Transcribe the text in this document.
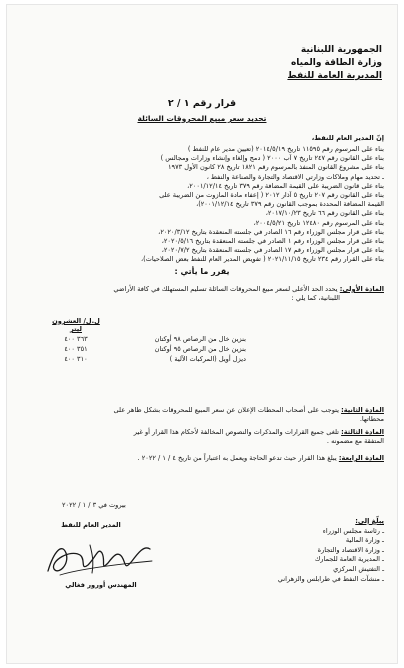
الجمهورية اللبنانية
وزارة الطاقة والمياه
المديرية العامة للنفط
قرار رقم ١ / ٢
تحديد سعر مبيع المحروقات السائلة
إنّ المدير العام للنفط،
بناء على المرسوم رقم ١١٥٩٥ تاريخ ٢٠١٤/٥/١٩ (تعيين مدير عام للنفط )
بناء على القانون رقم ٢٤٧ تاريخ ٧ آب ٢٠٠٠ ( دمج وإلغاء وإنشاء وزارات ومجالس )
بناء على مشروع القانون المنفذ بالمرسوم رقم ١٨٢١ تاريخ ٢٨ كانون الأول ١٩٧٣
ـ تحديد مهام وملاكات وزارتي الاقتصاد والتجارة والصناعة والنفط ،
بناء على قانون الضريبة على القيمة المضافة رقم ٣٧٩ تاريخ ٢٠٠١/١٢/١٤،
بناء على القانون رقم ٢٠٧ تاريخ ٥ آذار ٢٠١٢ ( إعفاء مادة المازوت من الضريبة على
القيمة المضافة المحددة بموجب القانون رقم ٣٧٩ تاريخ ٢٠٠١/١٢/١٤)،
بناء على القانون رقم ٦٦ تاريخ ٢٠١٧/١٠/٢٣،
بناء على المرسوم رقم ١٢٤٨٠ تاريخ ٢٠٠٤/٥/٢١،
بناء على قرار مجلس الوزراء رقم ١٦ الصادر في جلسته المنعقدة بتاريخ ٢٠٢٠/٣/١٢،
بناء على قرار مجلس الوزراء رقم ١ الصادر في جلسته المنعقدة بتاريخ ٢٠٢٠/٥/١٦،
بناء على قرار مجلس الوزراء رقم ١٧ الصادر في جلسته المنعقدة بتاريخ ٢٠٢٠/٧/٢،
بناء على القرار رقم ٢٣٤ تاريخ ٢٠٢١/١١/١٥ ( تفويض المدير العام للنفط بعض الصلاحيات)،
يقرر ما يأتي :
المادة الأولى: يحدد الحد الأعلى لسعر مبيع المحروقات السائلة تسليم المستهلك في كافة الأراضي
اللبنانية، كما يلي :
ل.ل/ العشرون ليتر
٣٦٣ ٤٠٠	بنزين خال من الرصاص ٩٨ أوكتان
٣٥١ ٤٠٠	بنزين خال من الرصاص ٩٥ أوكتان
٣١٠ ٤٠٠	ديزل أويل (المركبات الآلية )
المادة الثانية: يتوجب على أصحاب المحطات الإعلان عن سعر المبيع للمحروقات بشكل ظاهر على
محطاتها.
المادة الثالثة: تلغى جميع القرارات والمذكرات والنصوص المخالفة لأحكام هذا القرار أو غير
المتفقة مع مضمونه .
المادة الرابعة: يبلغ هذا القرار حيث تدعو الحاجة ويعمل به اعتباراً من تاريخ ٤ / ١ / ٢٠٢٢ .
بيروت في ٣ / ١ / ٢٠٢٢
المدير العام للنفط
المهندس أورور فغالي
يبلّغ إلى:
ـ رئاسة مجلس الوزراء
ـ وزارة المالية
ـ وزارة الاقتصاد والتجارة
ـ المديرية العامة للجمارك
ـ التفتيش المركزي
ـ منشآت النفط في طرابلس والزهراني
